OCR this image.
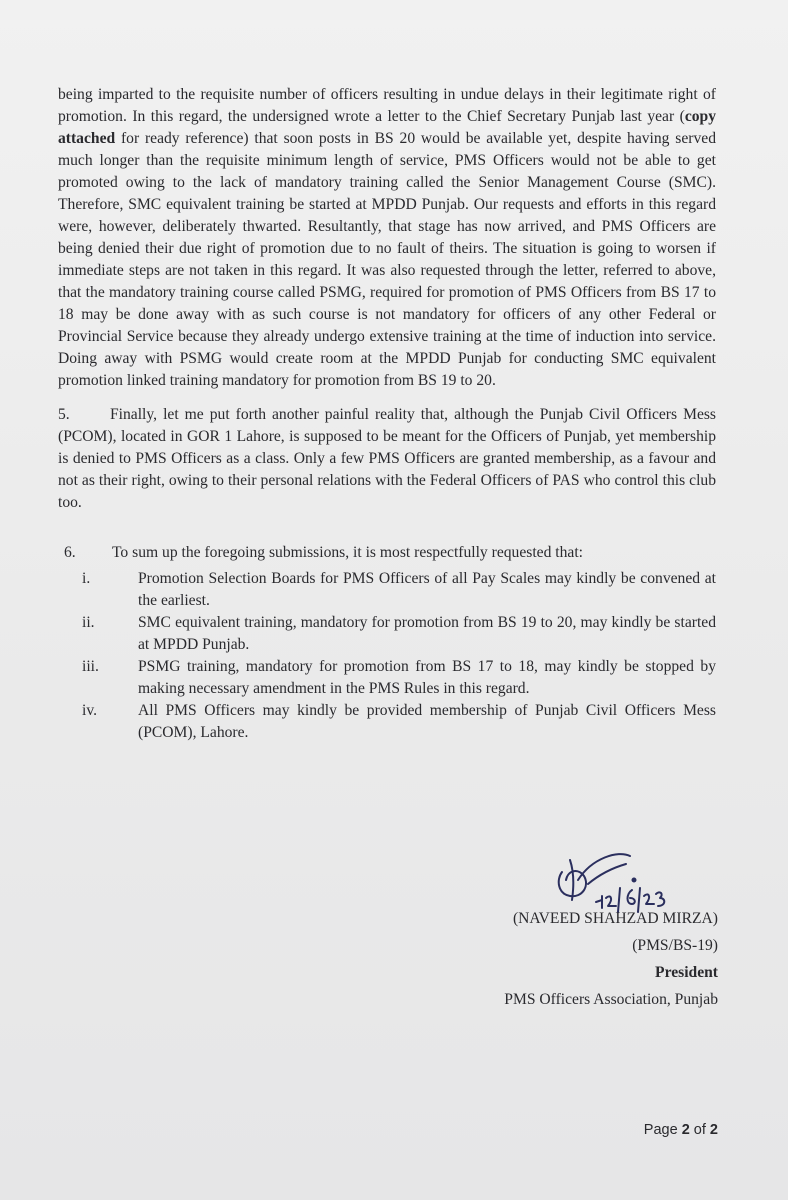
being imparted to the requisite number of officers resulting in undue delays in their legitimate right of promotion. In this regard, the undersigned wrote a letter to the Chief Secretary Punjab last year (copy attached for ready reference) that soon posts in BS 20 would be available yet, despite having served much longer than the requisite minimum length of service, PMS Officers would not be able to get promoted owing to the lack of mandatory training called the Senior Management Course (SMC). Therefore, SMC equivalent training be started at MPDD Punjab. Our requests and efforts in this regard were, however, deliberately thwarted. Resultantly, that stage has now arrived, and PMS Officers are being denied their due right of promotion due to no fault of theirs. The situation is going to worsen if immediate steps are not taken in this regard. It was also requested through the letter, referred to above, that the mandatory training course called PSMG, required for promotion of PMS Officers from BS 17 to 18 may be done away with as such course is not mandatory for officers of any other Federal or Provincial Service because they already undergo extensive training at the time of induction into service. Doing away with PSMG would create room at the MPDD Punjab for conducting SMC equivalent promotion linked training mandatory for promotion from BS 19 to 20.

5.	Finally, let me put forth another painful reality that, although the Punjab Civil Officers Mess (PCOM), located in GOR 1 Lahore, is supposed to be meant for the Officers of Punjab, yet membership is denied to PMS Officers as a class. Only a few PMS Officers are granted membership, as a favour and not as their right, owing to their personal relations with the Federal Officers of PAS who control this club too.

6. To sum up the foregoing submissions, it is most respectfully requested that:
i.	Promotion Selection Boards for PMS Officers of all Pay Scales may kindly be convened at the earliest.
ii.	SMC equivalent training, mandatory for promotion from BS 19 to 20, may kindly be started at MPDD Punjab.
iii.	PSMG training, mandatory for promotion from BS 17 to 18, may kindly be stopped by making necessary amendment in the PMS Rules in this regard.
iv.	All PMS Officers may kindly be provided membership of Punjab Civil Officers Mess (PCOM), Lahore.
(NAVEED SHAHZAD MIRZA)
(PMS/BS-19)
President
PMS Officers Association, Punjab
Page 2 of 2
